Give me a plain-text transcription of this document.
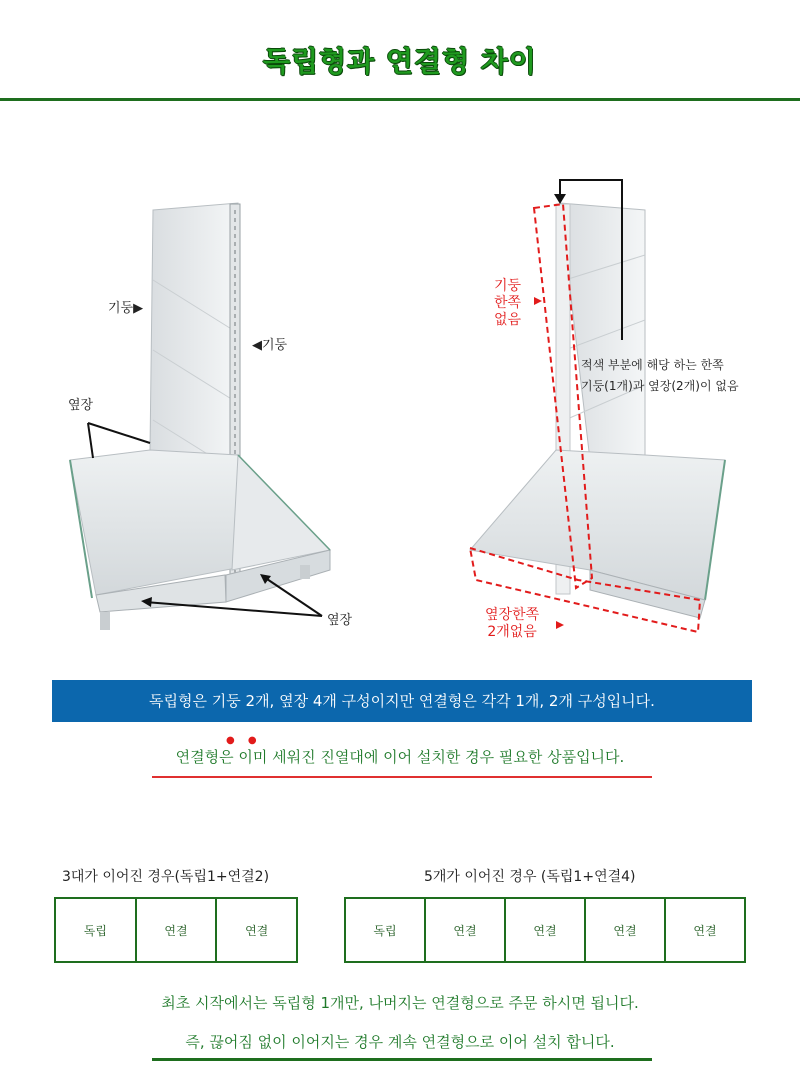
독립형과 연결형 차이
기둥▶
◀기둥
옆장
옆장
기둥
한쪽
없음
적색 부분에 해당 하는 한쪽
기둥(1개)과 옆장(2개)이 없음
옆장한쪽
2개없음
독립형은 기둥 2개, 옆장 4개 구성이지만 연결형은 각각 1개, 2개 구성입니다.
● ●
연결형은 이미 세워진 진열대에 이어 설치한 경우 필요한 상품입니다.
3대가 이어진 경우(독립1+연결2)
독립	연결	연결
5개가 이어진 경우 (독립1+연결4)
독립	연결	연결	연결	연결
최초 시작에서는 독립형 1개만, 나머지는 연결형으로 주문 하시면 됩니다.
즉, 끊어짐 없이 이어지는 경우 계속 연결형으로 이어 설치 합니다.
